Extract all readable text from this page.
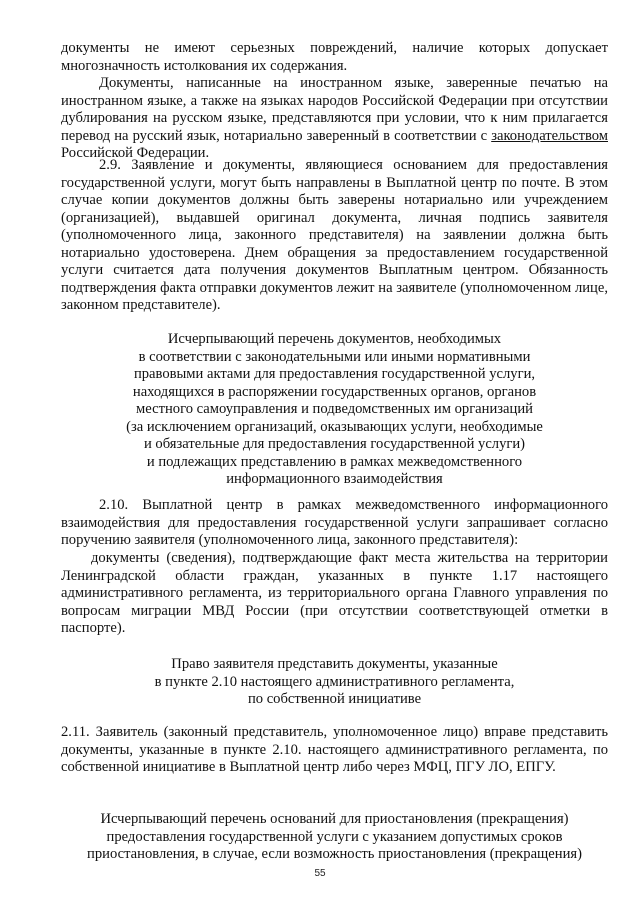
документы не имеют серьезных повреждений, наличие которых допускает многозначность истолкования их содержания.

Документы, написанные на иностранном языке, заверенные печатью на иностранном языке, а также на языках народов Российской Федерации при отсутствии дублирования на русском языке, представляются при условии, что к ним прилагается перевод на русский язык, нотариально заверенный в соответствии с законодательством Российской Федерации.

2.9. Заявление и документы, являющиеся основанием для предоставления государственной услуги, могут быть направлены в Выплатной центр по почте. В этом случае копии документов должны быть заверены нотариально или учреждением (организацией), выдавшей оригинал документа, личная подпись заявителя (уполномоченного лица, законного представителя) на заявлении должна быть нотариально удостоверена. Днем обращения за предоставлением государственной услуги считается дата получения документов Выплатным центром. Обязанность подтверждения факта отправки документов лежит на заявителе (уполномоченном лице, законном представителе).

Исчерпывающий перечень документов, необходимых
в соответствии с законодательными или иными нормативными
правовыми актами для предоставления государственной услуги,
находящихся в распоряжении государственных органов, органов
местного самоуправления и подведомственных им организаций
(за исключением организаций, оказывающих услуги, необходимые
и обязательные для предоставления государственной услуги)
и подлежащих представлению в рамках межведомственного
информационного взаимодействия

2.10. Выплатной центр в рамках межведомственного информационного взаимодействия для предоставления государственной услуги запрашивает согласно поручению заявителя (уполномоченного лица, законного представителя):

документы (сведения), подтверждающие факт места жительства на территории Ленинградской области граждан, указанных в пункте 1.17 настоящего административного регламента, из территориального органа Главного управления по вопросам миграции МВД России (при отсутствии соответствующей отметки в паспорте).

Право заявителя представить документы, указанные
в пункте 2.10 настоящего административного регламента,
по собственной инициативе

2.11. Заявитель (законный представитель, уполномоченное лицо) вправе представить документы, указанные в пункте 2.10. настоящего административного регламента, по собственной инициативе в Выплатной центр либо через МФЦ, ПГУ ЛО, ЕПГУ.

Исчерпывающий перечень оснований для приостановления (прекращения)
предоставления государственной услуги с указанием допустимых сроков
приостановления, в случае, если возможность приостановления (прекращения)
55
